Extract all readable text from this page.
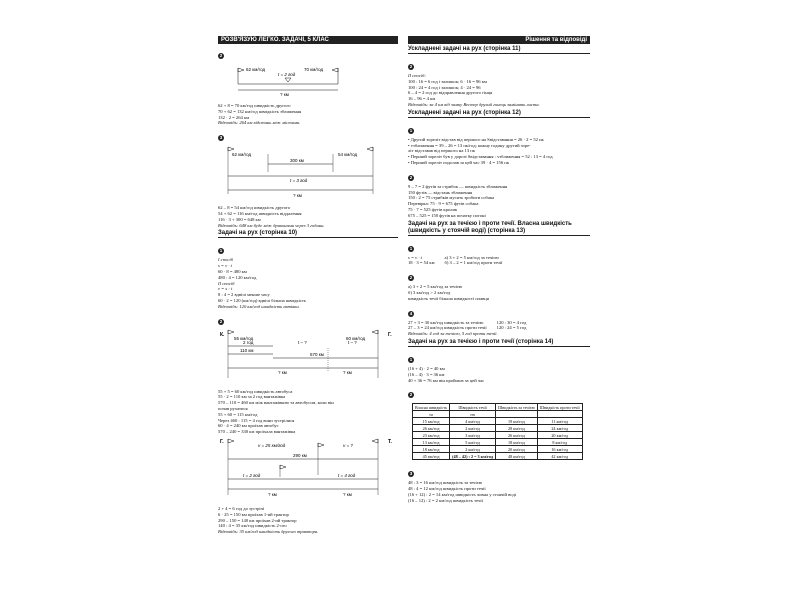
РОЗВ'ЯЗУЮ ЛЕГКО. ЗАДАЧІ, 5 КЛАС
2
62 км/год	70 км/год
t = 2 год
? км
62 + 8 = 70 км/год швидкість другого
70 + 62 = 132 км/год швидкість зближення
132 · 2 = 264 км
Відповідь: 264 км відстань між містами.
3
62 км/год	54 км/год
300 км
t = 3 год
? км
62 – 8 = 54 км/год швидкість другого
54 + 62 = 116 км/год швидкість віддалення
116 · 3 + 300 = 648 км
Відповідь: 648 км буде між драконами через 3 години.
Задачі на рух (сторінка 10)
1
І спосіб
s = v · t
60 · 8 = 480 км
480 : 4 = 120 км/год
ІІ спосіб
v = s : t
8 : 4 = 2 вдвічі менше часу
60 · 2 = 120 (км/год) вдвічі більша швидкість
Відповідь: 120 км/год швидкість автівки.
2
К.	Г.
55 км/год	60 км/год
2 год	t – ?	t – ?
110 км
570 км
? км	? км
55 + 5 = 60 км/год швидкість автобуса
55 · 2 = 110 км за 2 год вантажівка
570 – 110 = 460 км між вантажівкою та автобусом, коли він
почав рухатися
55 + 60 = 115 км/год
Через 460 : 115 = 4 год вони зустрілися
60 · 4 = 240 км проїхав автобус
570 – 240 = 330 км проїхала вантажівка
Г.	Т.
v = 25 км/год	v = ?
290 км
t = 2 год	t = 4 год
? км	? км
2 + 4 = 6 год до зустрічі
6 · 25 = 150 км проїхав 1-ий трактор
290 – 150 = 140 км проїхав 2-ий трактор
140 : 4 = 35 км/год швидкість 2-ого
Відповідь: 35 км/год швидкість другого трактора.
Рішення та відповіді
Ускладнені задачі на рух (сторінка 11)
2
ІІ спосіб:
100 : 16 = 6 год і залишок; 6 · 16 = 96 км
100 : 24 = 4 год і залишок; 4 · 24 = 96
6 – 4 = 2 год до відправлення другого гінця
16 – 96 = 4 км
Відповідь: за 4 км від замку Вестер другий гонець замінить листа.
Ускладнені задачі на рух (сторінка 12)
1
• Другий зореліт відстав від першого на Sвідставання = 26 · 2 = 52 пк
• vзближення = 39 – 26 = 13 пк/год; кожну годину другий зоре-
літ відставав від першого на 13 пк
• Перший зореліт був у дорозі Sвідставання : vзближення = 52 : 13 = 4 год
• Перший зореліт подолав за цей час 39 · 4 = 156 пк
2
9 – 7 = 2 футів за стрибок — швидкість зближення
150 футів — відстань зближення
150 : 2 = 75 стрибків мусить зробити собака
Перевірка: 75 · 9 = 675 футів собака
75 · 7 = 525 футів кролик
675 – 525 = 150 футів на початку погоні
Задачі на рух за течією і проти течії. Власна швидкість (швидкість у стоячій воді) (сторінка 13)
1
s = v · t
18 · 3 = 54 км
а) 3 + 2 = 5 км/год за течією
б) 3 – 2 = 1 км/год проти течії
2
а) 3 + 2 = 5 км/год за течією
б) 3 км/год > 2 км/год
швидкість течії більша швидкості плавця
4
27 + 3 = 30 км/год швидкість за течією
27 – 3 = 24 км/год швидкість проти течії
120 : 30 = 4 год
120 : 24 = 5 год
Відповідь: 4 год за течією, 5 год проти течії.
Задачі на рух за течією і проти течії (сторінка 14)
1
(16 + 4) · 2 = 40 км
(16 – 4) · 3 = 36 км
40 + 36 = 76 км він пройшов за цей час
2
Власна швидкість	Швидкість течії	Швидкість за течією	Швидкість проти течії
vв	vт		
15 км/год	4 км/год	19 км/год	11 км/год
26 км/год	2 км/год	28 км/год	24 км/год
23 км/год	3 км/год	26 км/год	20 км/год
13 км/год	5 км/год	18 км/год	8 км/год
18 км/год	2 км/год	20 км/год	16 км/год
45 км/год	(48 – 42) : 2 = 3 км/год	48 км/год	42 км/год
3
48 : 3 = 16 км/год швидкість за течією
48 : 4 = 12 км/год швидкість проти течії
(16 + 12) : 2 = 14 км/год швидкість човна у стоячій воді
(16 – 12) : 2 = 2 км/год швидкість течії
